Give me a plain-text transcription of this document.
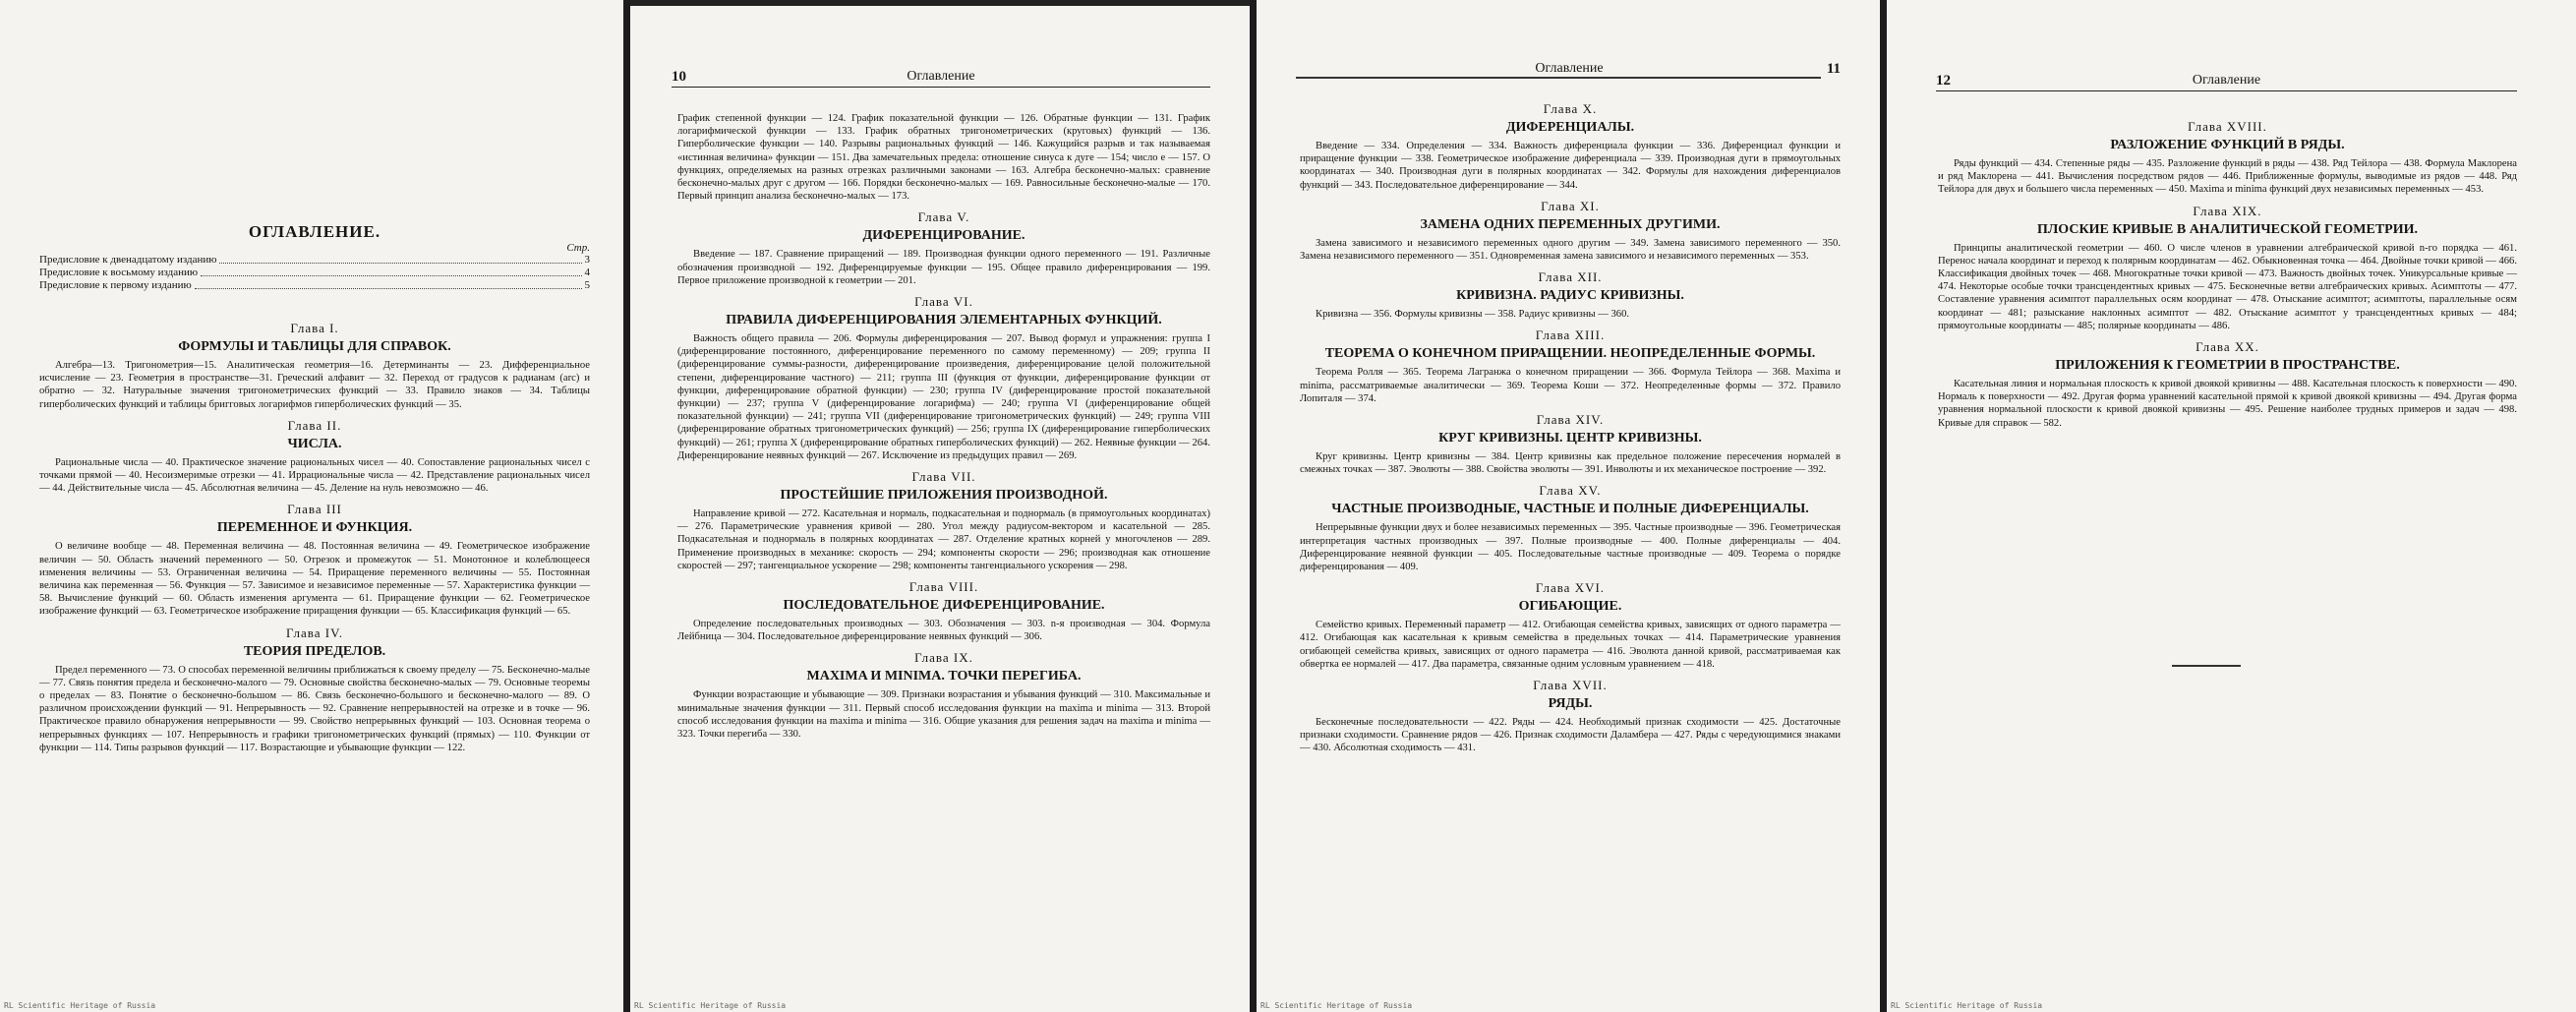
ОГЛАВЛЕНИЕ.
Стр.
Предисловие к двенадцатому изданию	3
Предисловие к восьмому изданию	4
Предисловие к первому изданию	5
Глава I.
ФОРМУЛЫ И ТАБЛИЦЫ ДЛЯ СПРАВОК.

Алгебра—13. Тригонометрия—15. Аналитическая геометрия—16. Детерминанты — 23. Дифференциальное исчисление — 23. Геометрия в пространстве—31. Греческий алфавит — 32. Переход от градусов к радианам (arc) и обратно — 32. Натуральные значения тригонометрических функций — 33. Правило знаков — 34. Таблицы гиперболических функций и таблицы бригговых логарифмов гиперболических функций — 35.

Глава II.
ЧИСЛА.

Рациональные числа — 40. Практическое значение рациональных чисел — 40. Сопоставление рациональных чисел с точками прямой — 40. Несоизмеримые отрезки — 41. Иррациональные числа — 42. Представление рациональных чисел — 44. Действительные числа — 45. Абсолютная величина — 45. Деление на нуль невозможно — 46.

Глава III
ПЕРЕМЕННОЕ И ФУНКЦИЯ.

О величине вообще — 48. Переменная величина — 48. Постоянная величина — 49. Геометрическое изображение величин — 50. Область значений переменного — 50. Отрезок и промежуток — 51. Монотонное и колеблющееся изменения величины — 53. Ограниченная величина — 54. Приращение переменного величины — 55. Постоянная величина как переменная — 56. Функция — 57. Зависимое и независимое переменные — 57. Характеристика функции — 58. Вычисление функций — 60. Область изменения аргумента — 61. Приращение функции — 62. Геометрическое изображение функций — 63. Геометрическое изображение приращения функции — 65. Классификация функций — 65.

Глава IV.
ТЕОРИЯ ПРЕДЕЛОВ.

Предел переменного — 73. О способах переменной величины приближаться к своему пределу — 75. Бесконечно-малые — 77. Связь понятия предела и бесконечно-малого — 79. Основные свойства бесконечно-малых — 79. Основные теоремы о пределах — 83. Понятие о бесконечно-большом — 86. Связь бесконечно-большого и бесконечно-малого — 89. О различном происхождении функций — 91. Непрерывность — 92. Сравнение непрерывностей на отрезке и в точке — 96. Практическое правило обнаружения непрерывности — 99. Свойство непрерывных функций — 103. Основная теорема о непрерывных функциях — 107. Непрерывность и графики тригонометрических функций (прямых) — 110. Функции от функции — 114. Типы разрывов функций — 117. Возрастающие и убывающие функции — 122.

RL Scientific Heritage of Russia
10	Оглавление

График степенной функции — 124. График показательной функции — 126. Обратные функции — 131. График логарифмической функции — 133. График обратных тригонометрических (круговых) функций — 136. Гиперболические функции — 140. Разрывы рациональных функций — 146. Кажущийся разрыв и так называемая «истинная величина» функции — 151. Два замечательных предела: отношение синуса к дуге — 154; число e — 157. О функциях, определяемых на разных отрезках различными законами — 163. Алгебра бесконечно-малых: сравнение бесконечно-малых друг с другом — 166. Порядки бесконечно-малых — 169. Равносильные бесконечно-малые — 170. Первый принцип анализа бесконечно-малых — 173.

Глава V.
ДИФЕРЕНЦИРОВАНИЕ.

Введение — 187. Сравнение приращений — 189. Производная функции одного переменного — 191. Различные обозначения производной — 192. Диференцируемые функции — 195. Общее правило диференцирования — 199. Первое приложение производной к геометрии — 201.

Глава VI.
ПРАВИЛА ДИФЕРЕНЦИРОВАНИЯ ЭЛЕМЕНТАРНЫХ ФУНКЦИЙ.

Важность общего правила — 206. Формулы диференцирования — 207. Вывод формул и упражнения: группа I (диференцирование постоянного, диференцирование переменного по самому переменному) — 209; группа II (диференцирование суммы-разности, диференцирование произведения, диференцирование целой положительной степени, диференцирование частного) — 211; группа III (функция от функции, диференцирование функции от функции, диференцирование обратной функции) — 230; группа IV (диференцирование простой показательной функции) — 237; группа V (диференцирование логарифма) — 240; группа VI (диференцирование общей показательной функции) — 241; группа VII (диференцирование тригонометрических функций) — 249; группа VIII (диференцирование обратных тригонометрических функций) — 256; группа IX (диференцирование гиперболических функций) — 261; группа X (диференцирование обратных гиперболических функций) — 262. Неявные функции — 264. Диференцирование неявных функций — 267. Исключение из предыдущих правил — 269.

Глава VII.
ПРОСТЕЙШИЕ ПРИЛОЖЕНИЯ ПРОИЗВОДНОЙ.

Направление кривой — 272. Касательная и нормаль, подкасательная и поднормаль (в прямоугольных координатах) — 276. Параметрические уравнения кривой — 280. Угол между радиусом-вектором и касательной — 285. Подкасательная и поднормаль в полярных координатах — 287. Отделение кратных корней у многочленов — 289. Применение производных в механике: скорость — 294; компоненты скорости — 296; производная как отношение скоростей — 297; тангенциальное ускорение — 298; компоненты тангенциального ускорения — 298.

Глава VIII.
ПОСЛЕДОВАТЕЛЬНОЕ ДИФЕРЕНЦИРОВАНИЕ.

Определение последовательных производных — 303. Обозначения — 303. n-я производная — 304. Формула Лейбница — 304. Последовательное диференцирование неявных функций — 306.

Глава IX.
MAXIMA И MINIMA. ТОЧКИ ПЕРЕГИБА.

Функции возрастающие и убывающие — 309. Признаки возрастания и убывания функций — 310. Максимальные и минимальные значения функции — 311. Первый способ исследования функции на maxima и minima — 313. Второй способ исследования функции на maxima и minima — 316. Общие указания для решения задач на maxima и minima — 323. Точки перегиба — 330.

RL Scientific Heritage of Russia
Оглавление	11
Глава X.
ДИФЕРЕНЦИАЛЫ.

Введение — 334. Определения — 334. Важность диференциала функции — 336. Диференциал функции и приращение функции — 338. Геометрическое изображение диференциала — 339. Производная дуги в прямоугольных координатах — 340. Производная дуги в полярных координатах — 342. Формулы для нахождения диференциалов функций — 343. Последовательное диференцирование — 344.

Глава XI.
ЗАМЕНА ОДНИХ ПЕРЕМЕННЫХ ДРУГИМИ.

Замена зависимого и независимого переменных одного другим — 349. Замена зависимого переменного — 350. Замена независимого переменного — 351. Одновременная замена зависимого и независимого переменных — 353.

Глава XII.
КРИВИЗНА. РАДИУС КРИВИЗНЫ.

Кривизна — 356. Формулы кривизны — 358. Радиус кривизны — 360.

Глава XIII.
ТЕОРЕМА О КОНЕЧНОМ ПРИРАЩЕНИИ. НЕОПРЕДЕЛЕННЫЕ ФОРМЫ.

Теорема Ролля — 365. Теорема Лагранжа о конечном приращении — 366. Формула Тейлора — 368. Maxima и minima, рассматриваемые аналитически — 369. Теорема Коши — 372. Неопределенные формы — 372. Правило Лопиталя — 374.

Глава XIV.
КРУГ КРИВИЗНЫ. ЦЕНТР КРИВИЗНЫ.

Круг кривизны. Центр кривизны — 384. Центр кривизны как предельное положение пересечения нормалей в смежных точках — 387. Эволюты — 388. Свойства эволюты — 391. Инволюты и их механическое построение — 392.

Глава XV.
ЧАСТНЫЕ ПРОИЗВОДНЫЕ, ЧАСТНЫЕ И ПОЛНЫЕ ДИФЕРЕНЦИАЛЫ.

Непрерывные функции двух и более независимых переменных — 395. Частные производные — 396. Геометрическая интерпретация частных производных — 397. Полные производные — 400. Полные диференциалы — 404. Диференцирование неявной функции — 405. Последовательные частные производные — 409. Теорема о порядке диференцирования — 409.

Глава XVI.
ОГИБАЮЩИЕ.

Семейство кривых. Переменный параметр — 412. Огибающая семейства кривых, зависящих от одного параметра — 412. Огибающая как касательная к кривым семейства в предельных точках — 414. Параметрические уравнения огибающей семейства кривых, зависящих от одного параметра — 416. Эволюта данной кривой, рассматриваемая как обвертка ее нормалей — 417. Два параметра, связанные одним условным уравнением — 418.

Глава XVII.
РЯДЫ.

Бесконечные последовательности — 422. Ряды — 424. Необходимый признак сходимости — 425. Достаточные признаки сходимости. Сравнение рядов — 426. Признак сходимости Даламбера — 427. Ряды с чередующимися знаками — 430. Абсолютная сходимость — 431.

RL Scientific Heritage of Russia
12	Оглавление
Глава XVIII.
РАЗЛОЖЕНИЕ ФУНКЦИЙ В РЯДЫ.

Ряды функций — 434. Степенные ряды — 435. Разложение функций в ряды — 438. Ряд Тейлора — 438. Формула Маклорена и ряд Маклорена — 441. Вычисления посредством рядов — 446. Приближенные формулы, выводимые из рядов — 448. Ряд Тейлора для двух и большего числа переменных — 450. Maxima и minima функций двух независимых переменных — 453.

Глава XIX.
ПЛОСКИЕ КРИВЫЕ В АНАЛИТИЧЕСКОЙ ГЕОМЕТРИИ.

Принципы аналитической геометрии — 460. О числе членов в уравнении алгебраической кривой n-го порядка — 461. Перенос начала координат и переход к полярным координатам — 462. Обыкновенная точка — 464. Двойные точки кривой — 466. Классификация двойных точек — 468. Многократные точки кривой — 473. Важность двойных точек. Уникурсальные кривые — 474. Некоторые особые точки трансцендентных кривых — 475. Бесконечные ветви алгебраических кривых. Асимптоты — 477. Составление уравнения асимптот параллельных осям координат — 478. Отыскание асимптот; асимптоты, параллельные осям координат — 481; разыскание наклонных асимптот — 482. Отыскание асимптот у трансцендентных кривых — 484; прямоугольные координаты — 485; полярные координаты — 486.

Глава XX.
ПРИЛОЖЕНИЯ К ГЕОМЕТРИИ В ПРОСТРАНСТВЕ.

Касательная линия и нормальная плоскость к кривой двоякой кривизны — 488. Касательная плоскость к поверхности — 490. Нормаль к поверхности — 492. Другая форма уравнений касательной прямой к кривой двоякой кривизны — 494. Другая форма уравнения нормальной плоскости к кривой двоякой кривизны — 495. Решение наиболее трудных примеров и задач — 498. Кривые для справок — 582.

RL Scientific Heritage of Russia
